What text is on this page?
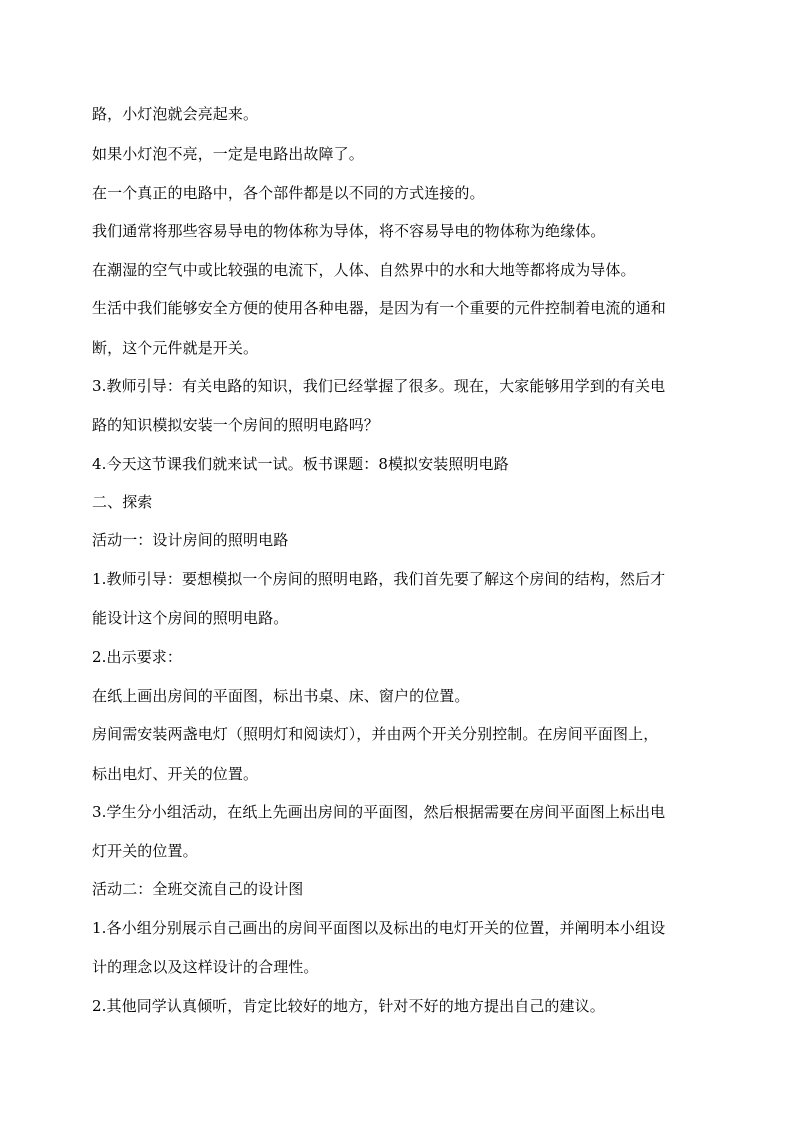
路，小灯泡就会亮起来。
如果小灯泡不亮，一定是电路出故障了。
在一个真正的电路中，各个部件都是以不同的方式连接的。
我们通常将那些容易导电的物体称为导体，将不容易导电的物体称为绝缘体。
在潮湿的空气中或比较强的电流下，人体、自然界中的水和大地等都将成为导体。
生活中我们能够安全方便的使用各种电器，是因为有一个重要的元件控制着电流的通和
断，这个元件就是开关。
3.教师引导：有关电路的知识，我们已经掌握了很多。现在，大家能够用学到的有关电
路的知识模拟安装一个房间的照明电路吗？
4.今天这节课我们就来试一试。板书课题：8模拟安装照明电路
二、探索
活动一：设计房间的照明电路
1.教师引导：要想模拟一个房间的照明电路，我们首先要了解这个房间的结构，然后才
能设计这个房间的照明电路。
2.出示要求：
在纸上画出房间的平面图，标出书桌、床、窗户的位置。
房间需安装两盏电灯（照明灯和阅读灯），并由两个开关分别控制。在房间平面图上，
标出电灯、开关的位置。
3.学生分小组活动，在纸上先画出房间的平面图，然后根据需要在房间平面图上标出电
灯开关的位置。
活动二：全班交流自己的设计图
1.各小组分别展示自己画出的房间平面图以及标出的电灯开关的位置，并阐明本小组设
计的理念以及这样设计的合理性。
2.其他同学认真倾听，肯定比较好的地方，针对不好的地方提出自己的建议。
